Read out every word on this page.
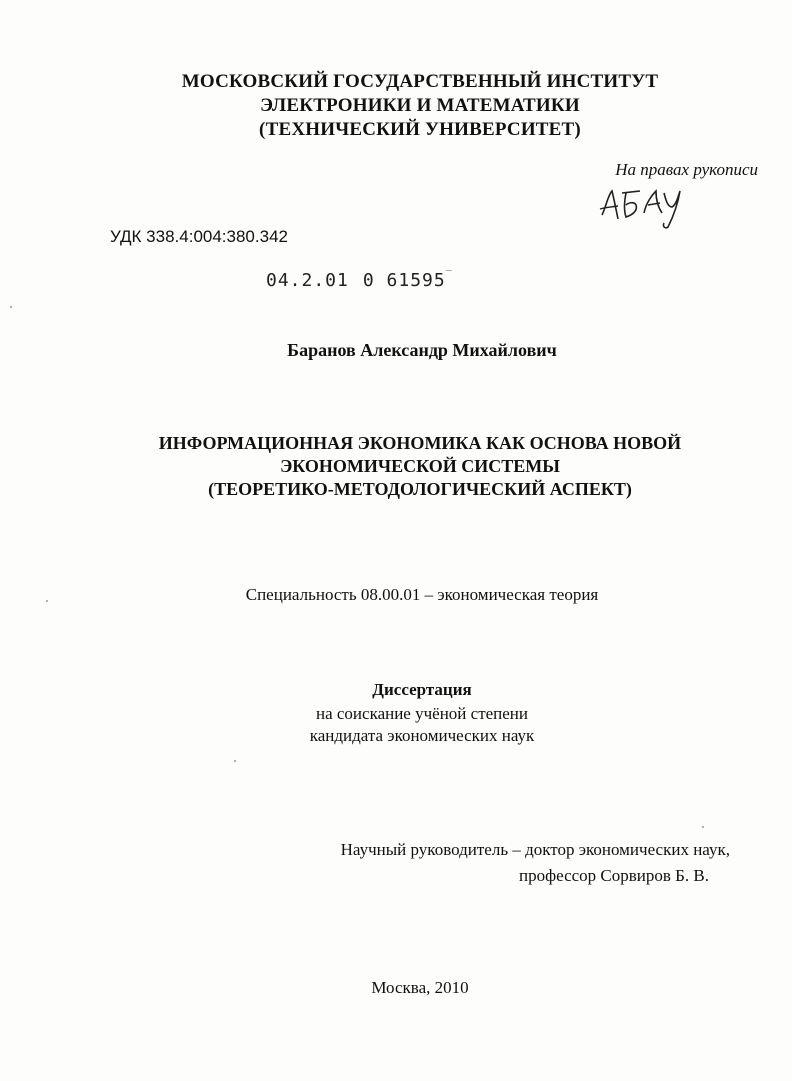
МОСКОВСКИЙ ГОСУДАРСТВЕННЫЙ ИНСТИТУТ
ЭЛЕКТРОНИКИ И МАТЕМАТИКИ
(ТЕХНИЧЕСКИЙ УНИВЕРСИТЕТ)
На правах рукописи
УДК 338.4:004:380.342
04.2.01 0 61595‾
Баранов Александр Михайлович
ИНФОРМАЦИОННАЯ ЭКОНОМИКА КАК ОСНОВА НОВОЙ
ЭКОНОМИЧЕСКОЙ СИСТЕМЫ
(ТЕОРЕТИКО-МЕТОДОЛОГИЧЕСКИЙ АСПЕКТ)
Специальность 08.00.01 – экономическая теория
Диссертация
на соискание учёной степени
кандидата экономических наук
Научный руководитель – доктор экономических наук,
профессор Сорвиров Б. В.
Москва, 2010
